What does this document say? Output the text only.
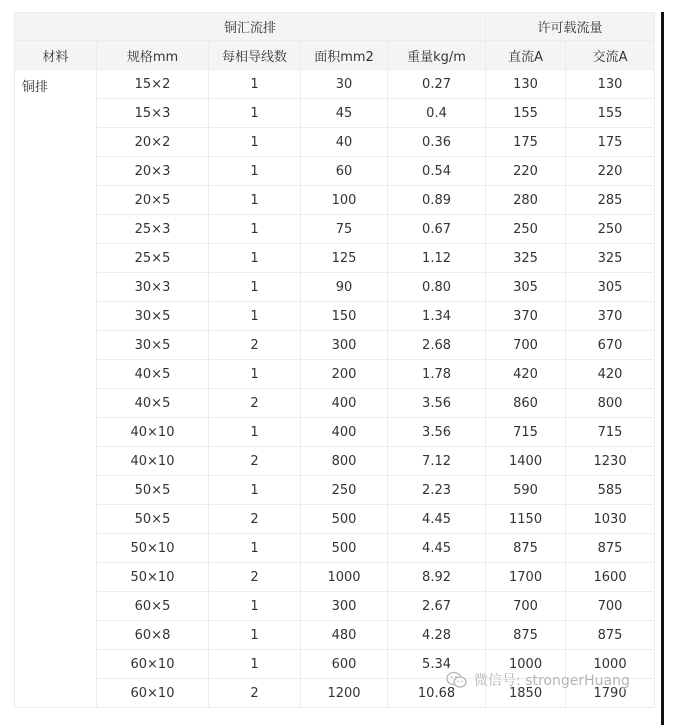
铜汇流排					许可载流量	
材料	规格mm	每相导线数	面积mm2	重量kg/m	直流A	交流A
铜排	15×2	1	30	0.27	130	130
	15×3	1	45	0.4	155	155
	20×2	1	40	0.36	175	175
	20×3	1	60	0.54	220	220
	20×5	1	100	0.89	280	285
	25×3	1	75	0.67	250	250
	25×5	1	125	1.12	325	325
	30×3	1	90	0.80	305	305
	30×5	1	150	1.34	370	370
	30×5	2	300	2.68	700	670
	40×5	1	200	1.78	420	420
	40×5	2	400	3.56	860	800
	40×10	1	400	3.56	715	715
	40×10	2	800	7.12	1400	1230
	50×5	1	250	2.23	590	585
	50×5	2	500	4.45	1150	1030
	50×10	1	500	4.45	875	875
	50×10	2	1000	8.92	1700	1600
	60×5	1	300	2.67	700	700
	60×8	1	480	4.28	875	875
	60×10	1	600	5.34	1000	1000
	60×10	2	1200	10.68	1850	1790
微信号: strongerHuang
